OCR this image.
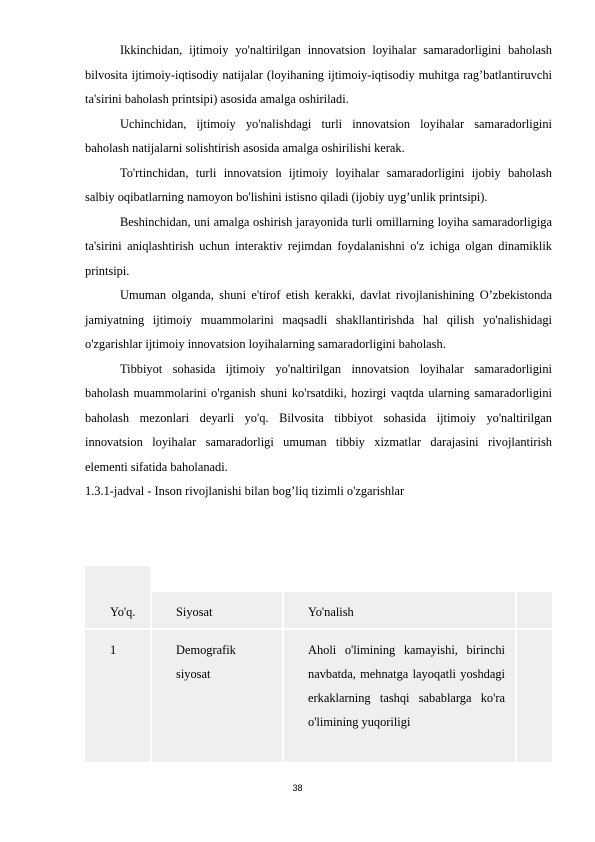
Ikkinchidan, ijtimoiy yo'naltirilgan innovatsion loyihalar samaradorligini baholash bilvosita ijtimoiy-iqtisodiy natijalar (loyihaning ijtimoiy-iqtisodiy muhitga rag’batlantiruvchi ta'sirini baholash printsipi) asosida amalga oshiriladi.

Uchinchidan, ijtimoiy yo'nalishdagi turli innovatsion loyihalar samaradorligini baholash natijalarni solishtirish asosida amalga oshirilishi kerak.

To'rtinchidan, turli innovatsion ijtimoiy loyihalar samaradorligini ijobiy baholash salbiy oqibatlarning namoyon bo'lishini istisno qiladi (ijobiy uyg’unlik printsipi).

Beshinchidan, uni amalga oshirish jarayonida turli omillarning loyiha samaradorligiga ta'sirini aniqlashtirish uchun interaktiv rejimdan foydalanishni o'z ichiga olgan dinamiklik printsipi.

Umuman olganda, shuni e'tirof etish kerakki, davlat rivojlanishining O’zbekistonda jamiyatning ijtimoiy muammolarini maqsadli shakllantirishda hal qilish yo'nalishidagi o'zgarishlar ijtimoiy innovatsion loyihalarning samaradorligini baholash.

Tibbiyot sohasida ijtimoiy yo'naltirilgan innovatsion loyihalar samaradorligini baholash muammolarini o'rganish shuni ko'rsatdiki, hozirgi vaqtda ularning samaradorligini baholash mezonlari deyarli yo'q. Bilvosita tibbiyot sohasida ijtimoiy yo'naltirilgan innovatsion loyihalar samaradorligi umuman tibbiy xizmatlar darajasini rivojlantirish elementi sifatida baholanadi.

1.3.1-jadval - Inson rivojlanishi bilan bog’liq tizimli o'zgarishlar

Yo'q.	Siyosat	Yo'nalish	

1	Demografik siyosat	Aholi o'limining kamayishi, birinchi navbatda, mehnatga layoqatli yoshdagi erkaklarning tashqi sabablarga ko'ra o'limining yuqoriligi	

38
